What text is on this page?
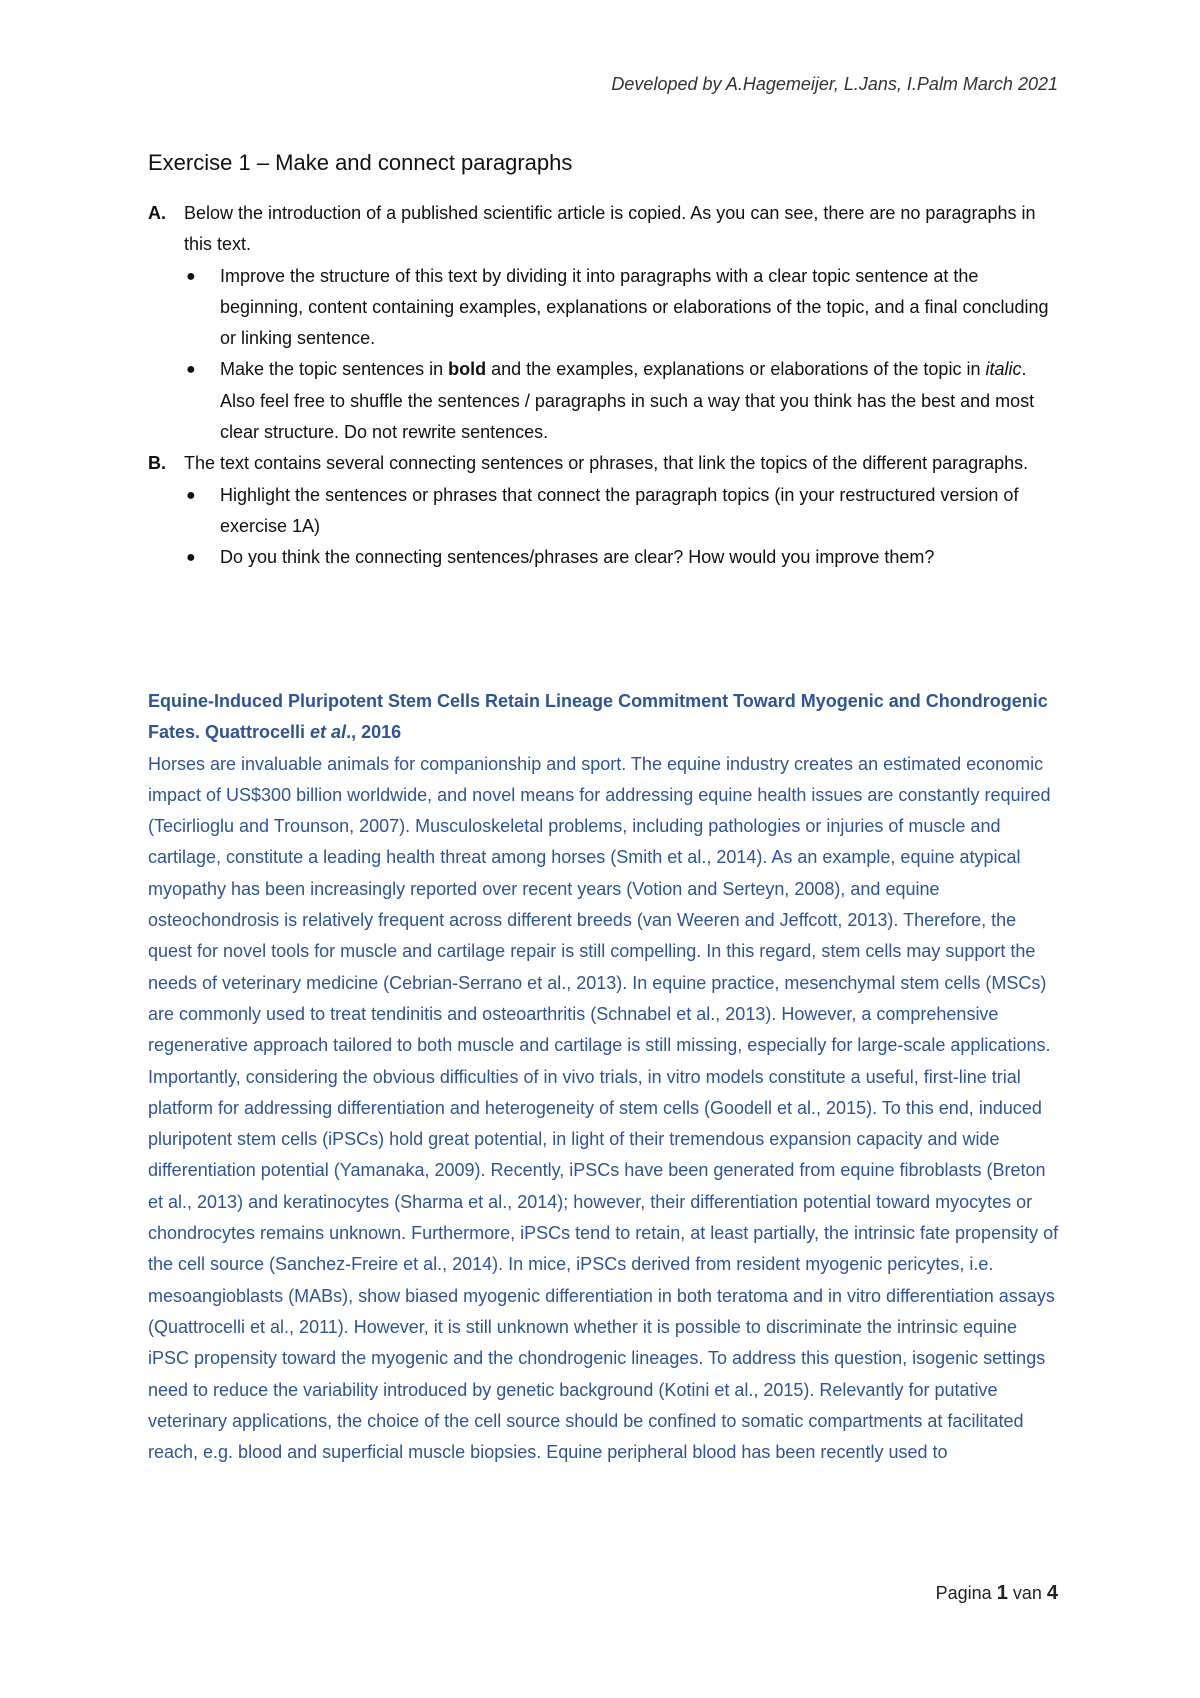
Developed by A.Hagemeijer, L.Jans, I.Palm March 2021
Exercise 1 – Make and connect paragraphs
A. Below the introduction of a published scientific article is copied. As you can see, there are no paragraphs in this text.
● Improve the structure of this text by dividing it into paragraphs with a clear topic sentence at the beginning, content containing examples, explanations or elaborations of the topic, and a final concluding or linking sentence.
● Make the topic sentences in bold and the examples, explanations or elaborations of the topic in italic. Also feel free to shuffle the sentences / paragraphs in such a way that you think has the best and most clear structure. Do not rewrite sentences.
B. The text contains several connecting sentences or phrases, that link the topics of the different paragraphs.
● Highlight the sentences or phrases that connect the paragraph topics (in your restructured version of exercise 1A)
● Do you think the connecting sentences/phrases are clear? How would you improve them?
Equine-Induced Pluripotent Stem Cells Retain Lineage Commitment Toward Myogenic and Chondrogenic Fates. Quattrocelli et al., 2016

Horses are invaluable animals for companionship and sport. The equine industry creates an estimated economic impact of US$300 billion worldwide, and novel means for addressing equine health issues are constantly required (Tecirlioglu and Trounson, 2007). Musculoskeletal problems, including pathologies or injuries of muscle and cartilage, constitute a leading health threat among horses (Smith et al., 2014). As an example, equine atypical myopathy has been increasingly reported over recent years (Votion and Serteyn, 2008), and equine osteochondrosis is relatively frequent across different breeds (van Weeren and Jeffcott, 2013). Therefore, the quest for novel tools for muscle and cartilage repair is still compelling. In this regard, stem cells may support the needs of veterinary medicine (Cebrian-Serrano et al., 2013). In equine practice, mesenchymal stem cells (MSCs) are commonly used to treat tendinitis and osteoarthritis (Schnabel et al., 2013). However, a comprehensive regenerative approach tailored to both muscle and cartilage is still missing, especially for large-scale applications. Importantly, considering the obvious difficulties of in vivo trials, in vitro models constitute a useful, first-line trial platform for addressing differentiation and heterogeneity of stem cells (Goodell et al., 2015). To this end, induced pluripotent stem cells (iPSCs) hold great potential, in light of their tremendous expansion capacity and wide differentiation potential (Yamanaka, 2009). Recently, iPSCs have been generated from equine fibroblasts (Breton et al., 2013) and keratinocytes (Sharma et al., 2014); however, their differentiation potential toward myocytes or chondrocytes remains unknown. Furthermore, iPSCs tend to retain, at least partially, the intrinsic fate propensity of the cell source (Sanchez-Freire et al., 2014). In mice, iPSCs derived from resident myogenic pericytes, i.e. mesoangioblasts (MABs), show biased myogenic differentiation in both teratoma and in vitro differentiation assays (Quattrocelli et al., 2011). However, it is still unknown whether it is possible to discriminate the intrinsic equine iPSC propensity toward the myogenic and the chondrogenic lineages. To address this question, isogenic settings need to reduce the variability introduced by genetic background (Kotini et al., 2015). Relevantly for putative veterinary applications, the choice of the cell source should be confined to somatic compartments at facilitated reach, e.g. blood and superficial muscle biopsies. Equine peripheral blood has been recently used to

Pagina 1 van 4
